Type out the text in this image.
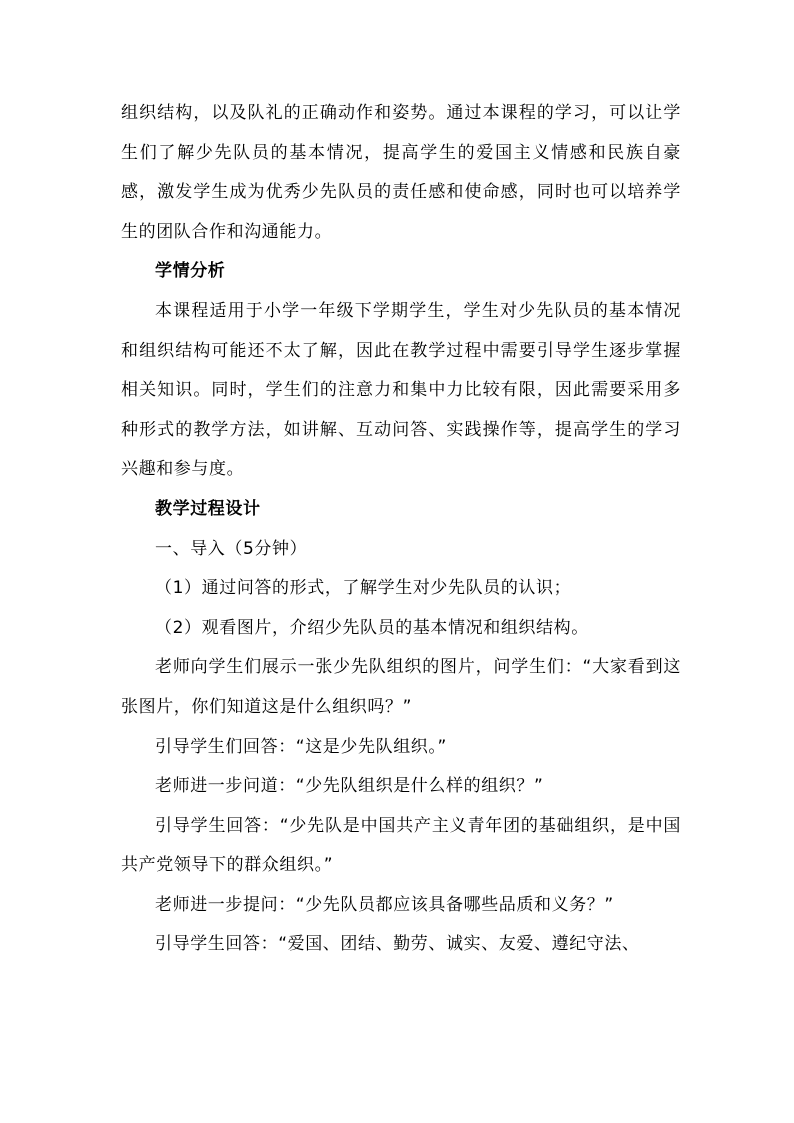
组织结构，以及队礼的正确动作和姿势。通过本课程的学习，可以让学生们了解少先队员的基本情况，提高学生的爱国主义情感和民族自豪感，激发学生成为优秀少先队员的责任感和使命感，同时也可以培养学生的团队合作和沟通能力。

学情分析

本课程适用于小学一年级下学期学生，学生对少先队员的基本情况和组织结构可能还不太了解，因此在教学过程中需要引导学生逐步掌握相关知识。同时，学生们的注意力和集中力比较有限，因此需要采用多种形式的教学方法，如讲解、互动问答、实践操作等，提高学生的学习兴趣和参与度。

教学过程设计

一、导入（5分钟）

（1）通过问答的形式，了解学生对少先队员的认识；

（2）观看图片，介绍少先队员的基本情况和组织结构。

老师向学生们展示一张少先队组织的图片，问学生们：“大家看到这张图片，你们知道这是什么组织吗？”

引导学生们回答：“这是少先队组织。”

老师进一步问道：“少先队组织是什么样的组织？”

引导学生回答：“少先队是中国共产主义青年团的基础组织，是中国共产党领导下的群众组织。”

老师进一步提问：“少先队员都应该具备哪些品质和义务？”

引导学生回答：“爱国、团结、勤劳、诚实、友爱、遵纪守法、
